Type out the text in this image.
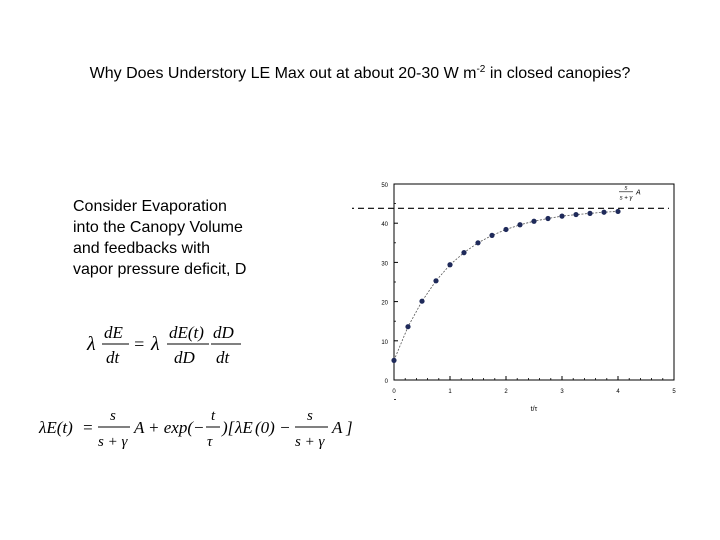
Why Does Understory LE Max out at about 20-30 W $m^{-2}$ in closed canopies?
Consider Evaporation
into the Canopy Volume
and feedbacks with
vapor pressure deficit, D
λ
dE
dt
= λ
dE(t)
dD
dD
dt
λE(t) =
s
s + γ
A + exp(−
t
τ
)[ λE (0) −
s
s + γ
A ]
0
10
20
30
40
50
0	1	2	3	4	5
t/τ
s
s + γ
A
